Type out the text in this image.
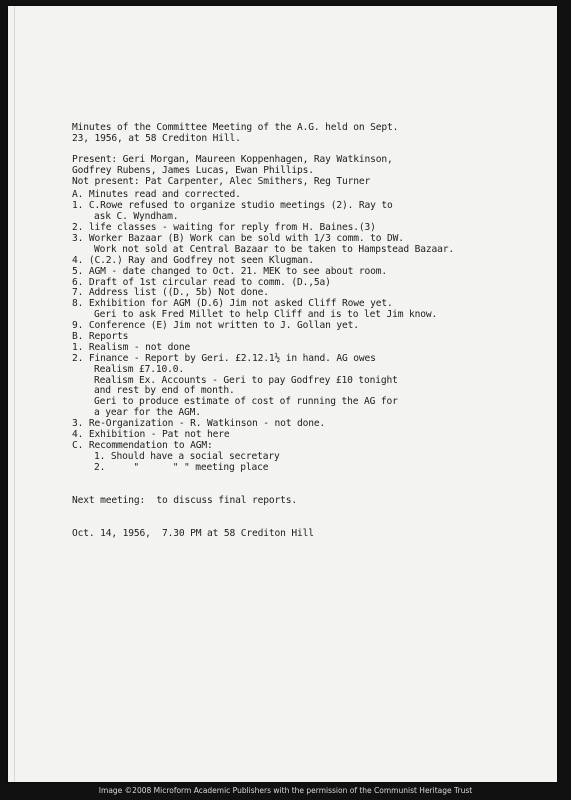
Minutes of the Committee Meeting of the A.G. held on Sept.
23, 1956, at 58 Crediton Hill.
Present: Geri Morgan, Maureen Koppenhagen, Ray Watkinson,
Godfrey Rubens, James Lucas, Ewan Phillips.
Not present: Pat Carpenter, Alec Smithers, Reg Turner
A. Minutes read and corrected.
1. C.Rowe refused to organize studio meetings (2). Ray to
ask C. Wyndham.
2. life classes - waiting for reply from H. Baines.(3)
3. Worker Bazaar (B) Work can be sold with 1/3 comm. to DW.
Work not sold at Central Bazaar to be taken to Hampstead Bazaar.
4. (C.2.) Ray and Godfrey not seen Klugman.
5. AGM - date changed to Oct. 21. MEK to see about room.
6. Draft of 1st circular read to comm. (D.,5a)
7. Address list ((D., 5b) Not done.
8. Exhibition for AGM (D.6) Jim not asked Cliff Rowe yet.
Geri to ask Fred Millet to help Cliff and is to let Jim know.
9. Conference (E) Jim not written to J. Gollan yet.
B. Reports
1. Realism - not done
2. Finance - Report by Geri. £2.12.1½ in hand. AG owes
Realism £7.10.0.
Realism Ex. Accounts - Geri to pay Godfrey £10 tonight
and rest by end of month.
Geri to produce estimate of cost of running the AG for
a year for the AGM.
3. Re-Organization - R. Watkinson - not done.
4. Exhibition - Pat not here
C. Recommendation to AGM:
1. Should have a social secretary
2.     "      " " meeting place
Next meeting:  to discuss final reports.
Oct. 14, 1956,  7.30 PM at 58 Crediton Hill
Image ©2008 Microform Academic Publishers with the permission of the Communist Heritage Trust
